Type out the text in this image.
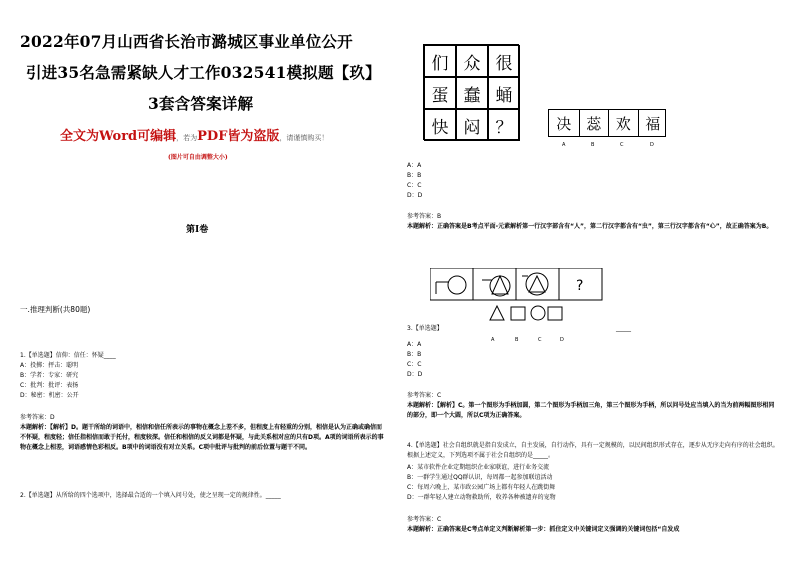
2022年07月山西省长治市潞城区事业单位公开
引进35名急需紧缺人才工作032541模拟题【玖】
3套含答案详解
全文为Word可编辑，若为PDF皆为盗版，请谨慎购买！
(图片可自由调整大小)
第I卷
一.推理判断(共80题)
1.【单选题】信仰：信任：怀疑____
A：投掷：抨击：聪明
B：学者：专家：研究
C：批判：批评：表扬
D：秘密：机密：公开
参考答案：D
本题解析：【解析】D。题干所给的词语中，相信和信任所表示的事物在概念上差不多，但程度上有轻重的分别，相信是认为正确或确信而不怀疑，程度轻；信任指相信而敢于托付，程度较深。信任和相信的反义词都是怀疑，与此关系相对应的只有D项。A项的词语所表示的事物在概念上相差，词语感情色彩相反。B项中的词语没有对立关系。C项中批评与批判的前后位置与题干不同。
2.【单选题】从所给的四个选项中，选择最合适的一个填入问号处，使之呈现一定的规律性。_____
们 众 很
蛋 蠢 蛹
快 闷 ？	决 蕊 欢 福
A	B	C	D
A：A
B：B
C：C
D：D
参考答案：B
本题解析：正确答案是B考点平面-元素解析第一行汉字部含有“人”，第二行汉字都含有“虫”，第三行汉字都含有“心”，故正确答案为B。
?
A	B	C	D
3.【单选题】	_____
A：A
B：B
C：C
D：D
参考答案：C
本题解析：【解析】C。第一个图形为手柄加圆，第二个图形为手柄加三角，第三个图形为手柄，所以问号处应当填入的当为前两幅图形相同的部分，即一个大圆，所以C项为正确答案。
4.【单选题】社会自组织就是指自发成立，自主发展，自行动作，具有一定规模的，以民间组织形式存在，逐步从无序走向有序的社会组织。根据上述定义，下列选项不属于社会自组织的是_____。
A：某市软件企业定期组织企业家联谊，进行业务交流
B：一群学生通过QQ群认识，每周都一起参加联谊活动
C：每周六晚上，某市政公园广场上都有年轻人在跳街舞
D：一群年轻人建立动物救助所，收养各种被遗弃的宠物
参考答案：C
本题解析：正确答案是C考点单定义判断解析第一步：抓住定义中关键词定义强调的关键词包括“自发成
